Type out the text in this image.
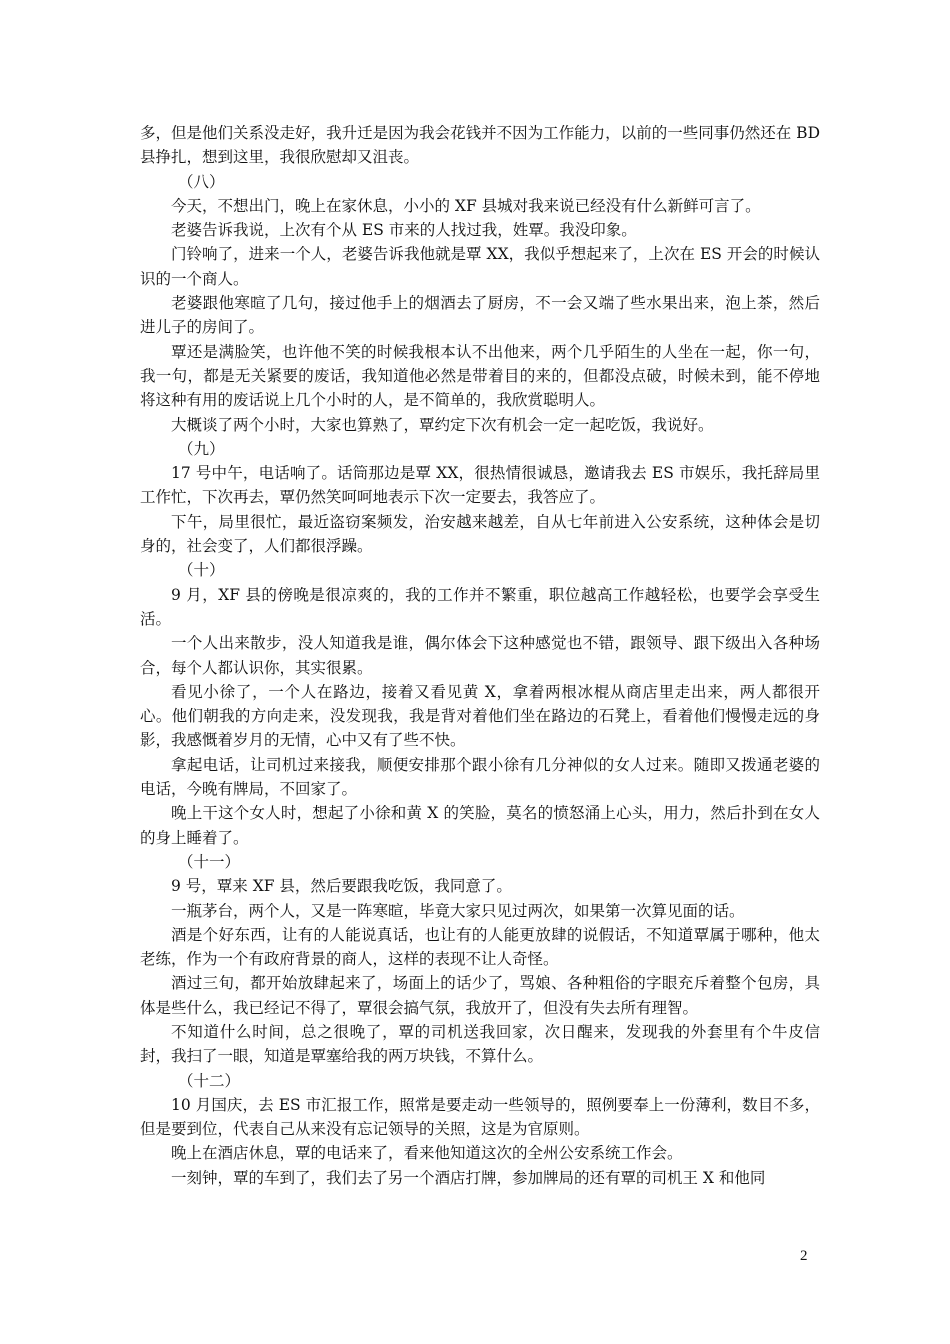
多，但是他们关系没走好，我升迁是因为我会花钱并不因为工作能力，以前的一些同事仍然还在 BD 县挣扎，想到这里，我很欣慰却又沮丧。

（八）

今天，不想出门，晚上在家休息，小小的 XF 县城对我来说已经没有什么新鲜可言了。

老婆告诉我说，上次有个从 ES 市来的人找过我，姓覃。我没印象。

门铃响了，进来一个人，老婆告诉我他就是覃 XX，我似乎想起来了，上次在 ES 开会的时候认识的一个商人。

老婆跟他寒暄了几句，接过他手上的烟酒去了厨房，不一会又端了些水果出来，泡上茶，然后进儿子的房间了。

覃还是满脸笑，也许他不笑的时候我根本认不出他来，两个几乎陌生的人坐在一起，你一句，我一句，都是无关紧要的废话，我知道他必然是带着目的来的，但都没点破，时候未到，能不停地将这种有用的废话说上几个小时的人，是不简单的，我欣赏聪明人。

大概谈了两个小时，大家也算熟了，覃约定下次有机会一定一起吃饭，我说好。

（九）

17 号中午，电话响了。话筒那边是覃 XX，很热情很诚恳，邀请我去 ES 市娱乐，我托辞局里工作忙，下次再去，覃仍然笑呵呵地表示下次一定要去，我答应了。

下午，局里很忙，最近盗窃案频发，治安越来越差，自从七年前进入公安系统，这种体会是切身的，社会变了，人们都很浮躁。

（十）

9 月，XF 县的傍晚是很凉爽的，我的工作并不繁重，职位越高工作越轻松，也要学会享受生活。

一个人出来散步，没人知道我是谁，偶尔体会下这种感觉也不错，跟领导、跟下级出入各种场合，每个人都认识你，其实很累。

看见小徐了，一个人在路边，接着又看见黄 X，拿着两根冰棍从商店里走出来，两人都很开心。他们朝我的方向走来，没发现我，我是背对着他们坐在路边的石凳上，看着他们慢慢走远的身影，我感慨着岁月的无情，心中又有了些不快。

拿起电话，让司机过来接我，顺便安排那个跟小徐有几分神似的女人过来。随即又拨通老婆的电话，今晚有牌局，不回家了。

晚上干这个女人时，想起了小徐和黄 X 的笑脸，莫名的愤怒涌上心头，用力，然后扑到在女人的身上睡着了。

（十一）

9 号，覃来 XF 县，然后要跟我吃饭，我同意了。

一瓶茅台，两个人，又是一阵寒暄，毕竟大家只见过两次，如果第一次算见面的话。

酒是个好东西，让有的人能说真话，也让有的人能更放肆的说假话，不知道覃属于哪种，他太老练，作为一个有政府背景的商人，这样的表现不让人奇怪。

酒过三旬，都开始放肆起来了，场面上的话少了，骂娘、各种粗俗的字眼充斥着整个包房，具体是些什么，我已经记不得了，覃很会搞气氛，我放开了，但没有失去所有理智。

不知道什么时间，总之很晚了，覃的司机送我回家，次日醒来，发现我的外套里有个牛皮信封，我扫了一眼，知道是覃塞给我的两万块钱，不算什么。

（十二）

10 月国庆，去 ES 市汇报工作，照常是要走动一些领导的，照例要奉上一份薄利，数目不多，但是要到位，代表自己从来没有忘记领导的关照，这是为官原则。

晚上在酒店休息，覃的电话来了，看来他知道这次的全州公安系统工作会。

一刻钟，覃的车到了，我们去了另一个酒店打牌，参加牌局的还有覃的司机王 X 和他同

2
